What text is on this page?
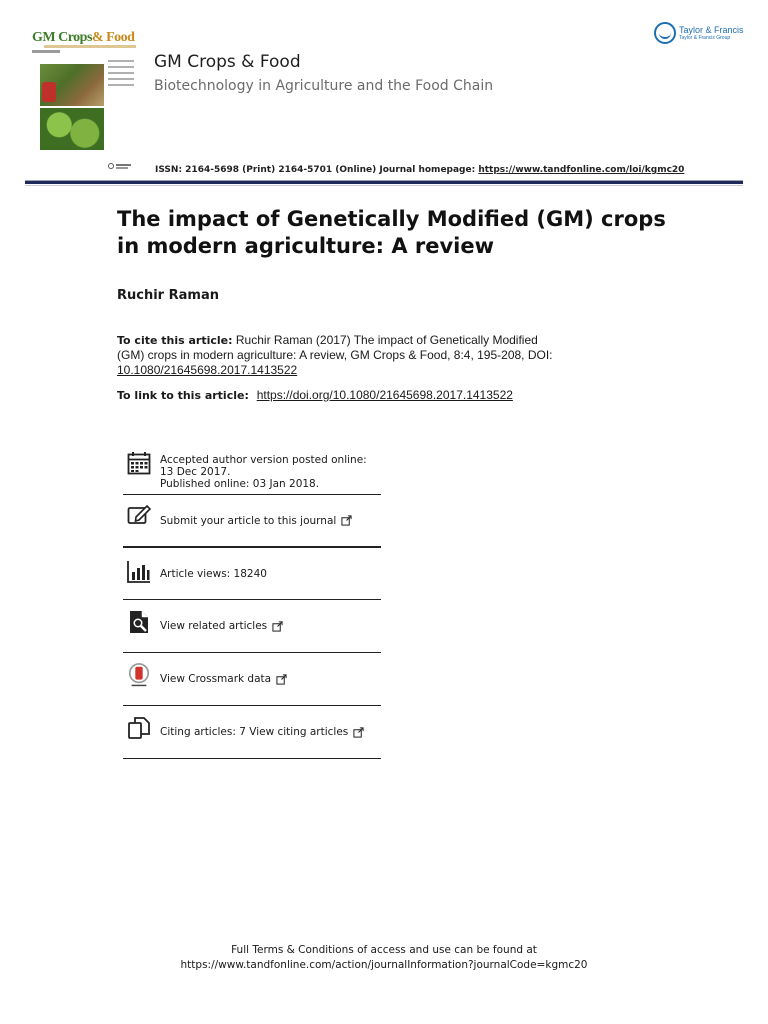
GM Crops& Food
GM Crops & Food
Biotechnology in Agriculture and the Food Chain
Taylor & Francis
Taylor & Francis Group
ISSN: 2164-5698 (Print) 2164-5701 (Online) Journal homepage: https://www.tandfonline.com/loi/kgmc20
The impact of Genetically Modified (GM) crops in modern agriculture: A review
Ruchir Raman
To cite this article: Ruchir Raman (2017) The impact of Genetically Modified (GM) crops in modern agriculture: A review, GM Crops & Food, 8:4, 195-208, DOI:
10.1080/21645698.2017.1413522
To link to this article: https://doi.org/10.1080/21645698.2017.1413522
Accepted author version posted online: 13 Dec 2017.
Published online: 03 Jan 2018.
Submit your article to this journal
Article views: 18240
View related articles
View Crossmark data
Citing articles: 7 View citing articles
Full Terms & Conditions of access and use can be found at
https://www.tandfonline.com/action/journalInformation?journalCode=kgmc20
